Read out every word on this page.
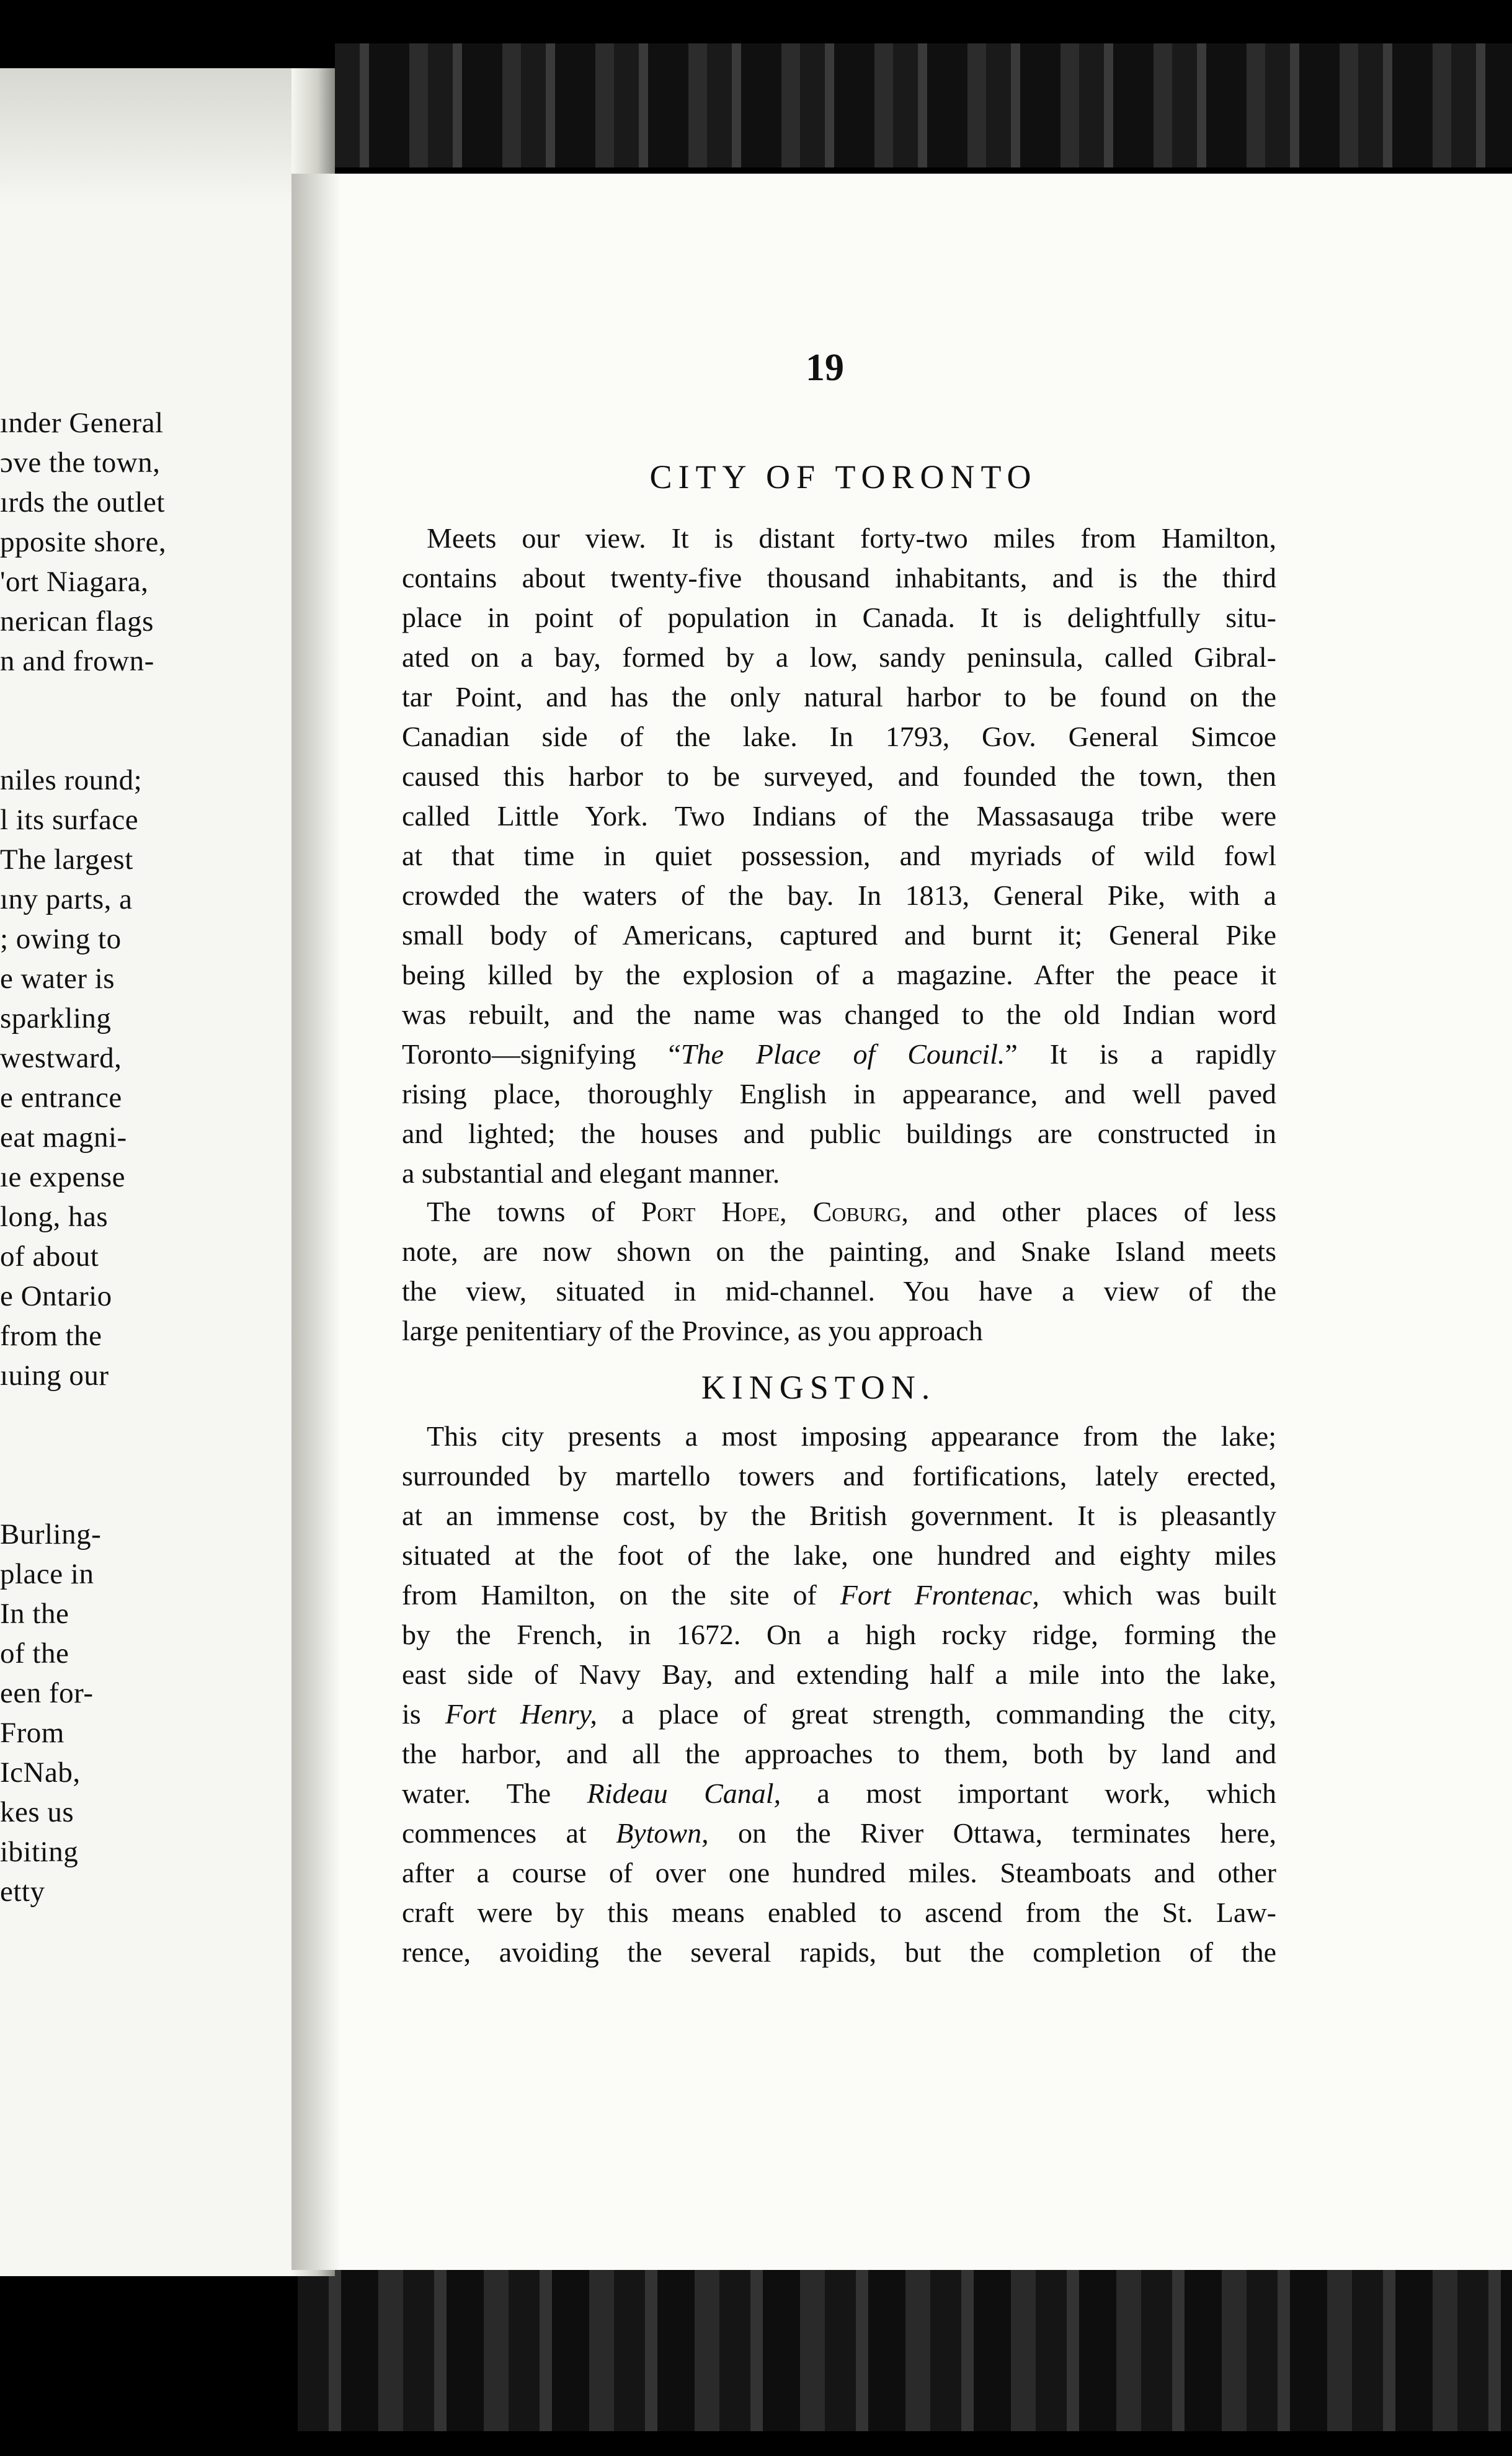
ınder General
ɔve the town,
ırds the outlet
pposite shore,
'ort Niagara,
nerican flags
n and frown-
niles round;
l its surface
The largest
ıny parts, a
; owing to
e water is
sparkling
westward,
e entrance
eat magni-
ıe expense
long, has
of about
e Ontario
from the
ıuing our
Burling-
place in
In the
of the
een for-
From
IcNab,
kes us
ibiting
etty
19
CITY OF TORONTO
Meets our view. It is distant forty-two miles from Hamilton,
contains about twenty-five thousand inhabitants, and is the third
place in point of population in Canada. It is delightfully situ-
ated on a bay, formed by a low, sandy peninsula, called Gibral-
tar Point, and has the only natural harbor to be found on the
Canadian side of the lake. In 1793, Gov. General Simcoe
caused this harbor to be surveyed, and founded the town, then
called Little York. Two Indians of the Massasauga tribe were
at that time in quiet possession, and myriads of wild fowl
crowded the waters of the bay. In 1813, General Pike, with a
small body of Americans, captured and burnt it; General Pike
being killed by the explosion of a magazine. After the peace it
was rebuilt, and the name was changed to the old Indian word
Toronto—signifying “The Place of Council.” It is a rapidly
rising place, thoroughly English in appearance, and well paved
and lighted; the houses and public buildings are constructed in
a substantial and elegant manner.
The towns of Port Hope, Coburg, and other places of less
note, are now shown on the painting, and Snake Island meets
the view, situated in mid-channel. You have a view of the
large penitentiary of the Province, as you approach
KINGSTON.
This city presents a most imposing appearance from the lake;
surrounded by martello towers and fortifications, lately erected,
at an immense cost, by the British government. It is pleasantly
situated at the foot of the lake, one hundred and eighty miles
from Hamilton, on the site of Fort Frontenac, which was built
by the French, in 1672. On a high rocky ridge, forming the
east side of Navy Bay, and extending half a mile into the lake,
is Fort Henry, a place of great strength, commanding the city,
the harbor, and all the approaches to them, both by land and
water. The Rideau Canal, a most important work, which
commences at Bytown, on the River Ottawa, terminates here,
after a course of over one hundred miles. Steamboats and other
craft were by this means enabled to ascend from the St. Law-
rence, avoiding the several rapids, but the completion of the
